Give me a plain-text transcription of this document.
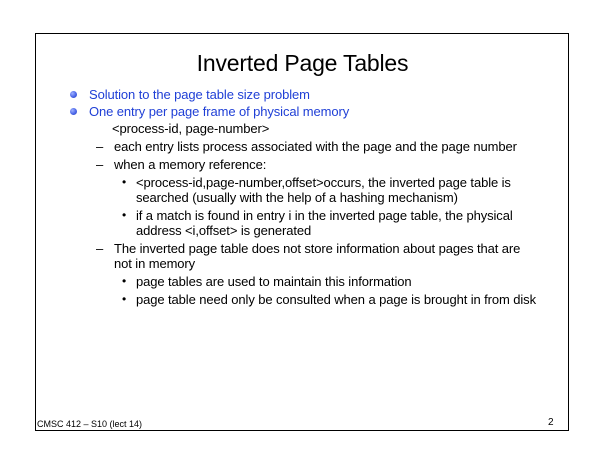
Inverted Page Tables
Solution to the page table size problem
One entry per page frame of physical memory
<process-id, page-number>
– each entry lists process associated with the page and the page number
– when a memory reference:
• <process-id,page-number,offset>occurs, the inverted page table is searched (usually with the help of a hashing mechanism)
• if a match is found in entry i in the inverted page table, the physical address <i,offset> is generated
– The inverted page table does not store information about pages that are not in memory
• page tables are used to maintain this information
• page table need only be consulted when a page is brought in from disk
CMSC 412 – S10 (lect 14)	2
